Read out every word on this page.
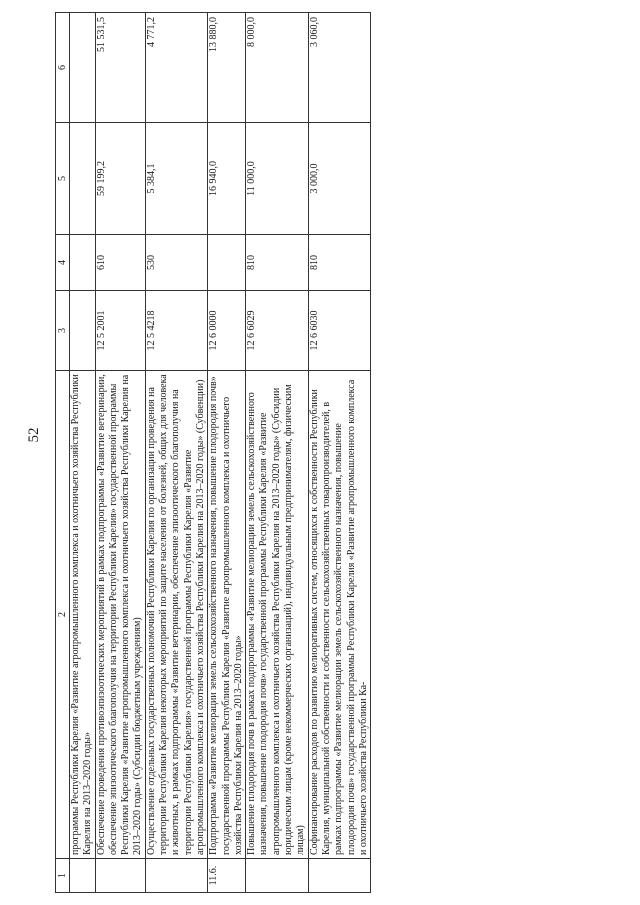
52
1	2	3	4	5	6
	программы Республики Карелия «Развитие агропромышленного комплекса и охотничьего хозяйства Республики Карелия на 2013–2020 годы»				
	Обеспечение проведения противоэпизоотических мероприятий в рамках подпрограммы «Развитие ветеринарии, обеспечение эпизоотического благополучия на территории Республики Карелия» государственной программы Республики Карелия «Развитие агропромышленного комплекса и охотничьего хозяйства Республики Карелия на 2013–2020 годы» (Субсидии бюджетным учреждениям)	12 5 2001	610	59 199,2	51 531,5
	Осуществление отдельных государственных полномочий Республики Карелия по организации проведения на территории Республики Карелия некоторых мероприятий по защите населения от болезней, общих для человека и животных, в рамках подпрограммы «Развитие ветеринарии, обеспечение эпизоотического благополучия на территории Республики Карелия» государственной программы Республики Карелия «Развитие агропромышленного комплекса и охотничьего хозяйства Республики Карелия на 2013–2020 годы» (Субвенции)	12 5 4218	530	5 384,1	4 771,2
11.6.	Подпрограмма «Развитие мелиорации земель сельскохозяйственного назначения, повышение плодородия почв» государственной программы Республики Карелия «Развитие агропромышленного комплекса и охотничьего хозяйства Республики Карелия на 2013–2020 годы»	12 6 0000		16 940,0	13 880,0
	Повышение плодородия почв в рамках подпрограммы «Развитие мелиорации земель сельскохозяйственного назначения, повышение плодородия почв» государственной программы Республики Карелия «Развитие агропромышленного комплекса и охотничьего хозяйства Республики Карелия на 2013–2020 годы» (Субсидии юридическим лицам (кроме некоммерческих организаций), индивидуальным предпринимателям, физическим лицам)	12 6 6029	810	11 000,0	8 000,0
	Софинансирование расходов по развитию мелиоративных систем, относящихся к собственности Республики Карелия, муниципальной собственности и собственности сельскохозяйственных товаропроизводителей, в рамках подпрограммы «Развитие мелиорации земель сельскохозяйственного назначения, повышение плодородия почв» государственной программы Республики Карелия «Развитие агропромышленного комплекса и охотничьего хозяйства Республики Ка-	12 6 6030	810	3 000,0	3 060,0
